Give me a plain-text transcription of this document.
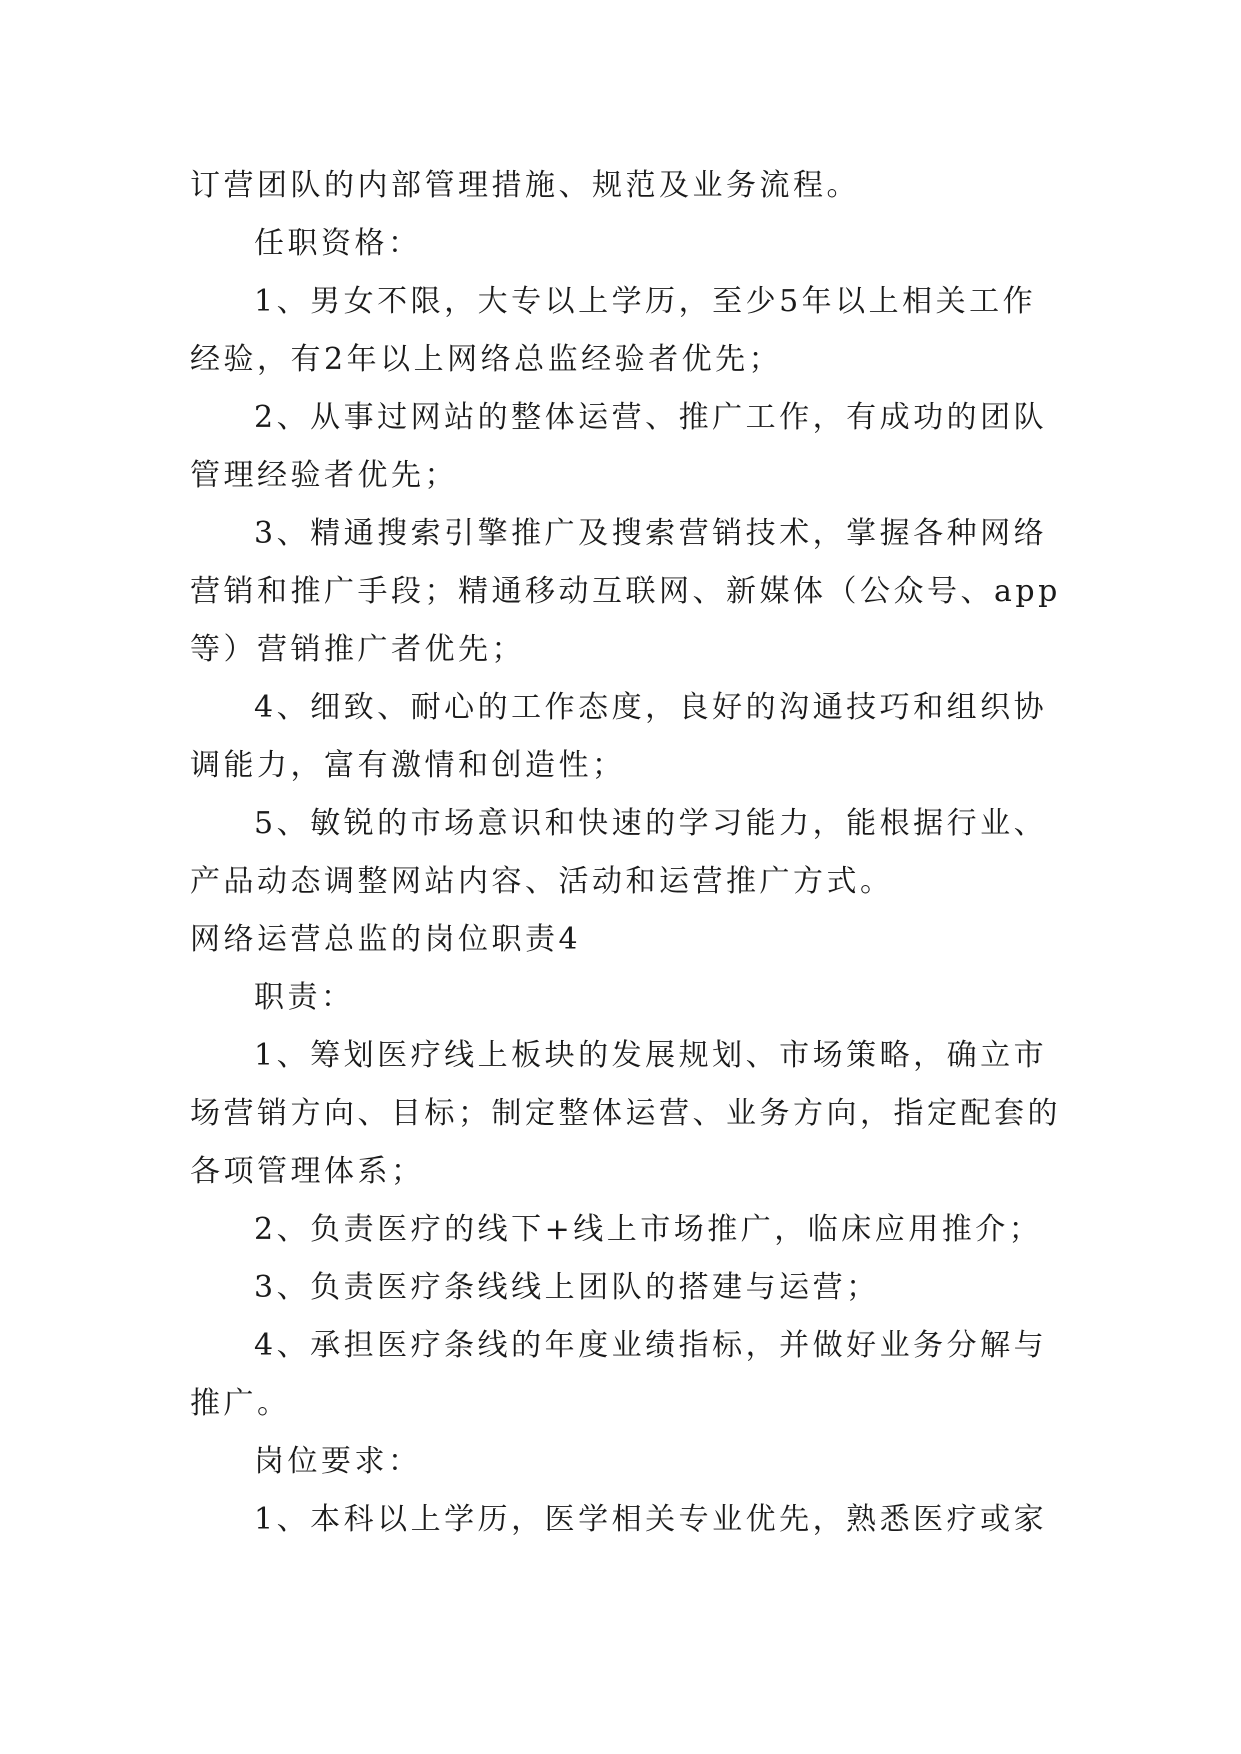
订营团队的内部管理措施、规范及业务流程。

任职资格：

1、男女不限，大专以上学历，至少5年以上相关工作

经验，有2年以上网络总监经验者优先；

2、从事过网站的整体运营、推广工作，有成功的团队

管理经验者优先；

3、精通搜索引擎推广及搜索营销技术，掌握各种网络

营销和推广手段；精通移动互联网、新媒体（公众号、app

等）营销推广者优先；

4、细致、耐心的工作态度，良好的沟通技巧和组织协

调能力，富有激情和创造性；

5、敏锐的市场意识和快速的学习能力，能根据行业、

产品动态调整网站内容、活动和运营推广方式。

网络运营总监的岗位职责4

职责：

1、筹划医疗线上板块的发展规划、市场策略，确立市

场营销方向、目标；制定整体运营、业务方向，指定配套的

各项管理体系；

2、负责医疗的线下+线上市场推广，临床应用推介；

3、负责医疗条线线上团队的搭建与运营；

4、承担医疗条线的年度业绩指标，并做好业务分解与

推广。

岗位要求：

1、本科以上学历，医学相关专业优先，熟悉医疗或家
